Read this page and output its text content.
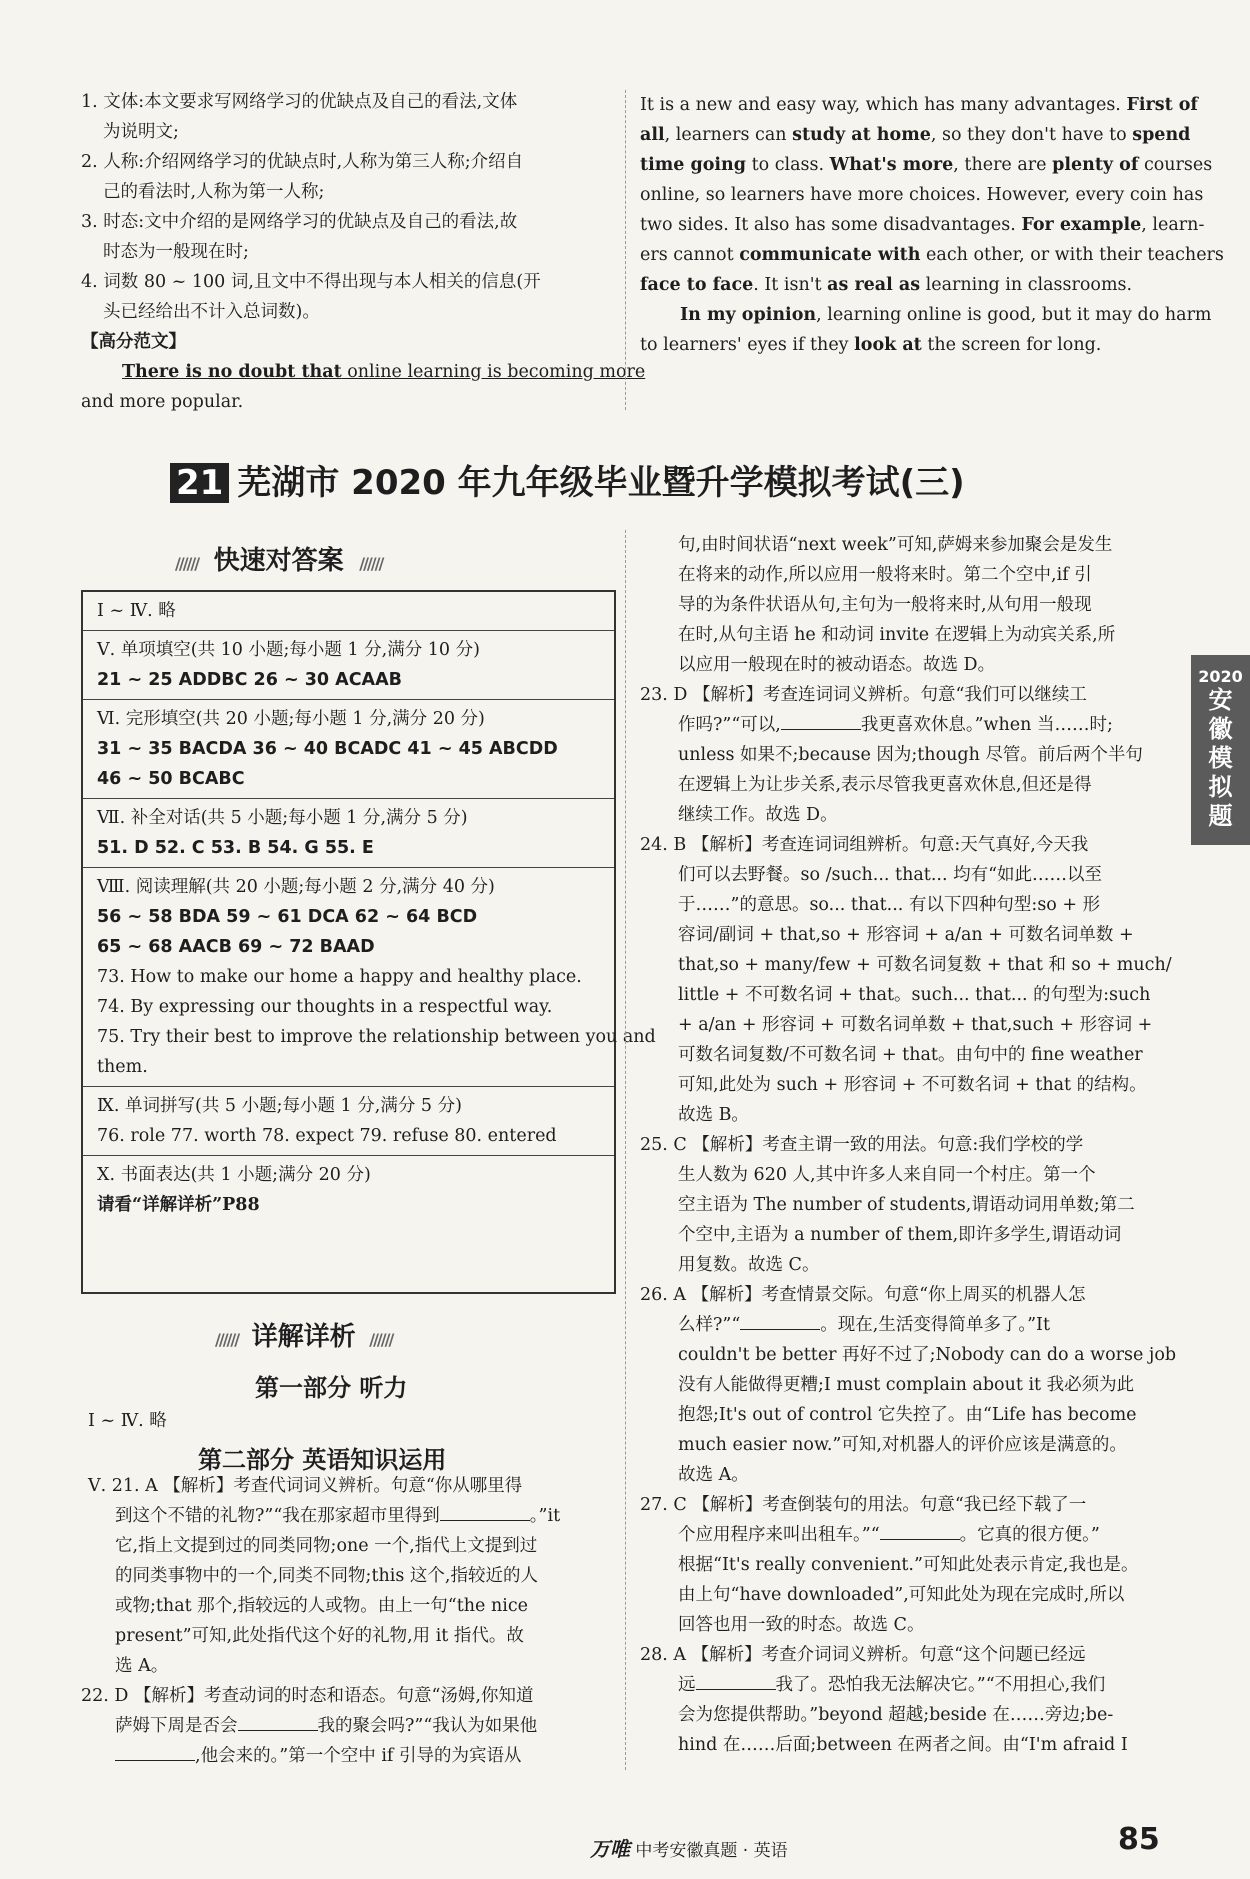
1. 文体:本文要求写网络学习的优缺点及自己的看法,文体
为说明文;
2. 人称:介绍网络学习的优缺点时,人称为第三人称;介绍自
己的看法时,人称为第一人称;
3. 时态:文中介绍的是网络学习的优缺点及自己的看法,故
时态为一般现在时;
4. 词数 80 ~ 100 词,且文中不得出现与本人相关的信息(开
头已经给出不计入总词数)。
【高分范文】
There is no doubt that online learning is becoming more
and more popular.
It is a new and easy way, which has many advantages. First of
all, learners can study at home, so they don't have to spend
time going to class. What's more, there are plenty of courses
online, so learners have more choices. However, every coin has
two sides. It also has some disadvantages. For example, learn-
ers cannot communicate with each other, or with their teachers
face to face. It isn't as real as learning in classrooms.
In my opinion, learning online is good, but it may do harm
to learners' eyes if they look at the screen for long.
21 芜湖市 2020 年九年级毕业暨升学模拟考试(三)
////// 快速对答案 //////
Ⅰ ~ Ⅳ. 略
Ⅴ. 单项填空(共 10 小题;每小题 1 分,满分 10 分)
21 ~ 25 ADDBC 26 ~ 30 ACAAB
Ⅵ. 完形填空(共 20 小题;每小题 1 分,满分 20 分)
31 ~ 35 BACDA 36 ~ 40 BCADC 41 ~ 45 ABCDD
46 ~ 50 BCABC
Ⅶ. 补全对话(共 5 小题;每小题 1 分,满分 5 分)
51. D 52. C 53. B 54. G 55. E
Ⅷ. 阅读理解(共 20 小题;每小题 2 分,满分 40 分)
56 ~ 58 BDA 59 ~ 61 DCA 62 ~ 64 BCD
65 ~ 68 AACB 69 ~ 72 BAAD
73. How to make our home a happy and healthy place.
74. By expressing our thoughts in a respectful way.
75. Try their best to improve the relationship between you and
them.
Ⅸ. 单词拼写(共 5 小题;每小题 1 分,满分 5 分)
76. role 77. worth 78. expect 79. refuse 80. entered
Ⅹ. 书面表达(共 1 小题;满分 20 分)
请看“详解详析”P88
////// 详解详析 //////
第一部分 听力
Ⅰ ~ Ⅳ. 略
第二部分 英语知识运用
Ⅴ. 21. A 【解析】考查代词词义辨析。句意“你从哪里得
到这个不错的礼物?”“我在那家超市里得到	。”it
它,指上文提到过的同类同物;one 一个,指代上文提到过
的同类事物中的一个,同类不同物;this 这个,指较近的人
或物;that 那个,指较远的人或物。由上一句“the nice
present”可知,此处指代这个好的礼物,用 it 指代。故
选 A。
22. D 【解析】考查动词的时态和语态。句意“汤姆,你知道
萨姆下周是否会	我的聚会吗?”“我认为如果他
,他会来的。”第一个空中 if 引导的为宾语从
句,由时间状语“next week”可知,萨姆来参加聚会是发生
在将来的动作,所以应用一般将来时。第二个空中,if 引
导的为条件状语从句,主句为一般将来时,从句用一般现
在时,从句主语 he 和动词 invite 在逻辑上为动宾关系,所
以应用一般现在时的被动语态。故选 D。
23. D 【解析】考查连词词义辨析。句意“我们可以继续工
作吗?”“可以,	我更喜欢休息。”when 当……时;
unless 如果不;because 因为;though 尽管。前后两个半句
在逻辑上为让步关系,表示尽管我更喜欢休息,但还是得
继续工作。故选 D。
24. B 【解析】考查连词词组辨析。句意:天气真好,今天我
们可以去野餐。so /such... that... 均有“如此……以至
于……”的意思。so... that... 有以下四种句型:so + 形
容词/副词 + that,so + 形容词 + a/an + 可数名词单数 +
that,so + many/few + 可数名词复数 + that 和 so + much/
little + 不可数名词 + that。such... that... 的句型为:such
+ a/an + 形容词 + 可数名词单数 + that,such + 形容词 +
可数名词复数/不可数名词 + that。由句中的 fine weather
可知,此处为 such + 形容词 + 不可数名词 + that 的结构。
故选 B。
25. C 【解析】考查主谓一致的用法。句意:我们学校的学
生人数为 620 人,其中许多人来自同一个村庄。第一个
空主语为 The number of students,谓语动词用单数;第二
个空中,主语为 a number of them,即许多学生,谓语动词
用复数。故选 C。
26. A 【解析】考查情景交际。句意“你上周买的机器人怎
么样?”“	。现在,生活变得简单多了。”It
couldn't be better 再好不过了;Nobody can do a worse job
没有人能做得更糟;I must complain about it 我必须为此
抱怨;It's out of control 它失控了。由“Life has become
much easier now.”可知,对机器人的评价应该是满意的。
故选 A。
27. C 【解析】考查倒装句的用法。句意“我已经下载了一
个应用程序来叫出租车。”“	。它真的很方便。”
根据“It's really convenient.”可知此处表示肯定,我也是。
由上句“have downloaded”,可知此处为现在完成时,所以
回答也用一致的时态。故选 C。
28. A 【解析】考查介词词义辨析。句意“这个问题已经远
远	我了。恐怕我无法解决它。”“不用担心,我们
会为您提供帮助。”beyond 超越;beside 在……旁边;be-
hind 在……后面;between 在两者之间。由“I'm afraid I
2020
安
徽
模
拟
题
万唯 中考安徽真题 · 英语	85
